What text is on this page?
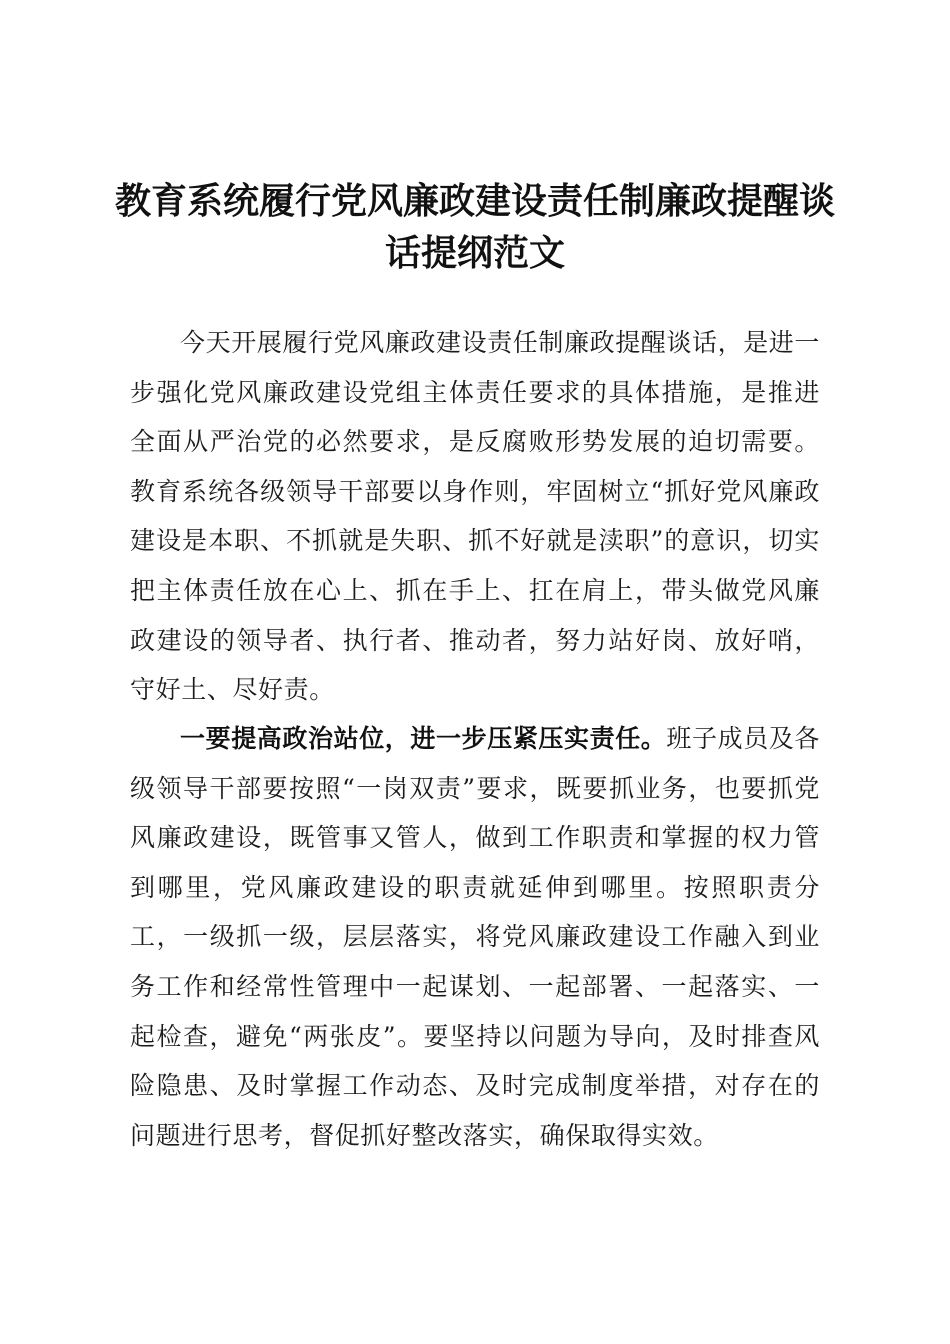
教育系统履行党风廉政建设责任制廉政提醒谈话提纲范文

今天开展履行党风廉政建设责任制廉政提醒谈话，是进一步强化党风廉政建设党组主体责任要求的具体措施，是推进全面从严治党的必然要求，是反腐败形势发展的迫切需要。教育系统各级领导干部要以身作则，牢固树立“抓好党风廉政建设是本职、不抓就是失职、抓不好就是渎职”的意识，切实把主体责任放在心上、抓在手上、扛在肩上，带头做党风廉政建设的领导者、执行者、推动者，努力站好岗、放好哨，守好土、尽好责。

一要提高政治站位，进一步压紧压实责任。班子成员及各级领导干部要按照“一岗双责”要求，既要抓业务，也要抓党风廉政建设，既管事又管人，做到工作职责和掌握的权力管到哪里，党风廉政建设的职责就延伸到哪里。按照职责分工，一级抓一级，层层落实，将党风廉政建设工作融入到业务工作和经常性管理中一起谋划、一起部署、一起落实、一起检查，避免“两张皮”。要坚持以问题为导向，及时排查风险隐患、及时掌握工作动态、及时完成制度举措，对存在的问题进行思考，督促抓好整改落实，确保取得实效。
